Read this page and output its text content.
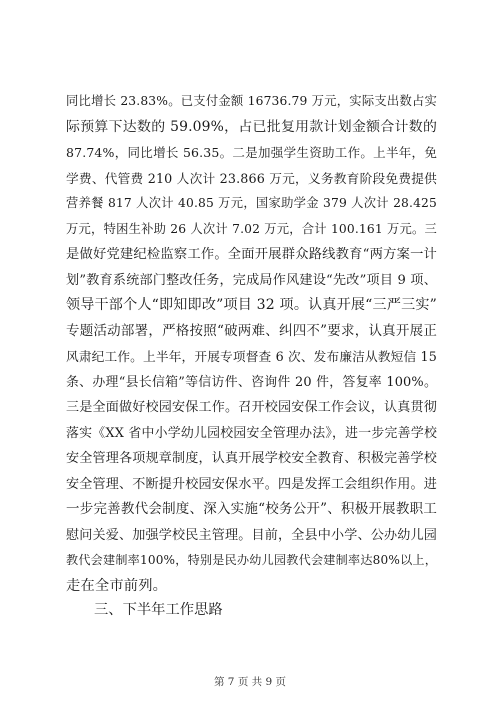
同比增长 23.83%。已支付金额 16736.79 万元，实际支出数占实
际预算下达数的 59.09%，占已批复用款计划金额合计数的
87.74%，同比增长 56.35。二是加强学生资助工作。上半年，免
学费、代管费 210 人次计 23.866 万元，义务教育阶段免费提供
营养餐 817 人次计 40.85 万元，国家助学金 379 人次计 28.425
万元，特困生补助 26 人次计 7.02 万元，合计 100.161 万元。三
是做好党建纪检监察工作。全面开展群众路线教育“两方案一计
划”教育系统部门整改任务，完成局作风建设“先改”项目 9 项、
领导干部个人“即知即改”项目 32 项。认真开展“三严三实”
专题活动部署，严格按照“破两难、纠四不”要求，认真开展正
风肃纪工作。上半年，开展专项督查 6 次、发布廉洁从教短信 15
条、办理“县长信箱”等信访件、咨询件 20 件，答复率 100%。
三是全面做好校园安保工作。召开校园安保工作会议，认真贯彻
落实《XX 省中小学幼儿园校园安全管理办法》，进一步完善学校
安全管理各项规章制度，认真开展学校安全教育、积极完善学校
安全管理、不断提升校园安保水平。四是发挥工会组织作用。进
一步完善教代会制度、深入实施“校务公开”、积极开展教职工
慰问关爱、加强学校民主管理。目前，全县中小学、公办幼儿园
教代会建制率100%，特别是民办幼儿园教代会建制率达80%以上，
走在全市前列。
三、下半年工作思路
第 7 页 共 9 页
